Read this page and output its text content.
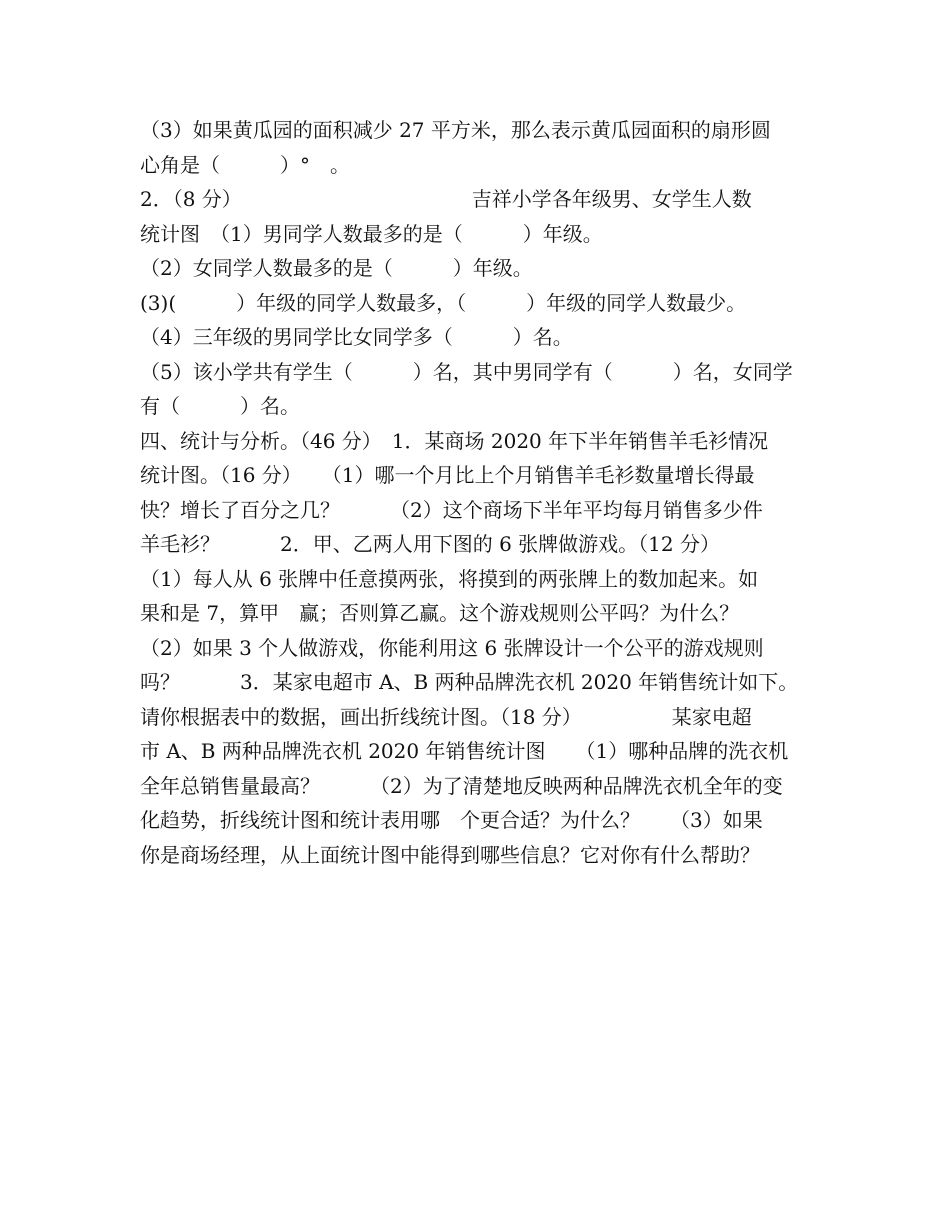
（3）如果黄瓜园的面积减少 27 平方米，那么表示黄瓜园面积的扇形圆
心角是（　　　）°　。
2．（8 分）　　　　　　　　　　　　吉祥小学各年级男、女学生人数
统计图　（1）男同学人数最多的是（　　　）年级。
（2）女同学人数最多的是（　　　）年级。
(3)(　　　）年级的同学人数最多，（　　　）年级的同学人数最少。
（4）三年级的男同学比女同学多（　　　）名。
（5）该小学共有学生（　　　）名，其中男同学有（　　　）名，女同学
有（　　　）名。
四、统计与分析。（46 分）　1．某商场 2020 年下半年销售羊毛衫情况
统计图。（16 分）　　（1）哪一个月比上个月销售羊毛衫数量增长得最
快？增长了百分之几？　　　（2）这个商场下半年平均每月销售多少件
羊毛衫？　　　2．甲、乙两人用下图的 6 张牌做游戏。（12 分）
（1）每人从 6 张牌中任意摸两张，将摸到的两张牌上的数加起来。如
果和是 7，算甲　赢；否则算乙赢。这个游戏规则公平吗？为什么？
（2）如果 3 个人做游戏，你能利用这 6 张牌设计一个公平的游戏规则
吗？　　　3．某家电超市 A、B 两种品牌洗衣机 2020 年销售统计如下。
请你根据表中的数据，画出折线统计图。（18 分）　　　　　某家电超
市 A、B 两种品牌洗衣机 2020 年销售统计图　　（1）哪种品牌的洗衣机
全年总销售量最高？　　　（2）为了清楚地反映两种品牌洗衣机全年的变
化趋势，折线统计图和统计表用哪　个更合适？为什么？　　（3）如果
你是商场经理，从上面统计图中能得到哪些信息？它对你有什么帮助？
